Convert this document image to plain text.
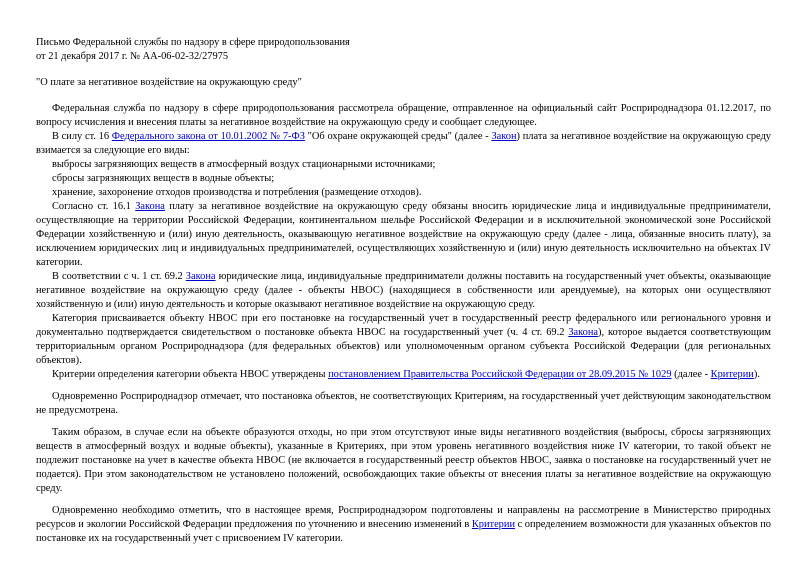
Письмо Федеральной службы по надзору в сфере природопользования

от 21 декабря 2017 г. № АА-06-02-32/27975

"О плате за негативное воздействие на окружающую среду"

Федеральная служба по надзору в сфере природопользования рассмотрела обращение, отправленное на официальный сайт Росприроднадзора 01.12.2017, по вопросу исчисления и внесения платы за негативное воздействие на окружающую среду и сообщает следующее.

В силу ст. 16 Федерального закона от 10.01.2002 № 7-ФЗ "Об охране окружающей среды" (далее - Закон) плата за негативное воздействие на окружающую среду взимается за следующие его виды:

выбросы загрязняющих веществ в атмосферный воздух стационарными источниками;

сбросы загрязняющих веществ в водные объекты;

хранение, захоронение отходов производства и потребления (размещение отходов).

Согласно ст. 16.1 Закона плату за негативное воздействие на окружающую среду обязаны вносить юридические лица и индивидуальные предприниматели, осуществляющие на территории Российской Федерации, континентальном шельфе Российской Федерации и в исключительной экономической зоне Российской Федерации хозяйственную и (или) иную деятельность, оказывающую негативное воздействие на окружающую среду (далее - лица, обязанные вносить плату), за исключением юридических лиц и индивидуальных предпринимателей, осуществляющих хозяйственную и (или) иную деятельность исключительно на объектах IV категории.

В соответствии с ч. 1 ст. 69.2 Закона юридические лица, индивидуальные предприниматели должны поставить на государственный учет объекты, оказывающие негативное воздействие на окружающую среду (далее - объекты НВОС) (находящиеся в собственности или арендуемые), на которых они осуществляют хозяйственную и (или) иную деятельность и которые оказывают негативное воздействие на окружающую среду.

Категория присваивается объекту НВОС при его постановке на государственный учет в государственный реестр федерального или регионального уровня и документально подтверждается свидетельством о постановке объекта НВОС на государственный учет (ч. 4 ст. 69.2 Закона), которое выдается соответствующим территориальным органом Росприроднадзора (для федеральных объектов) или уполномоченным органом субъекта Российской Федерации (для региональных объектов).

Критерии определения категории объекта НВОС утверждены постановлением Правительства Российской Федерации от 28.09.2015 № 1029 (далее - Критерии).

Одновременно Росприроднадзор отмечает, что постановка объектов, не соответствующих Критериям, на государственный учет действующим законодательством не предусмотрена.

Таким образом, в случае если на объекте образуются отходы, но при этом отсутствуют иные виды негативного воздействия (выбросы, сбросы загрязняющих веществ в атмосферный воздух и водные объекты), указанные в Критериях, при этом уровень негативного воздействия ниже IV категории, то такой объект не подлежит постановке на учет в качестве объекта НВОС (не включается в государственный реестр объектов НВОС, заявка о постановке на государственный учет не подается). При этом законодательством не установлено положений, освобождающих такие объекты от внесения платы за негативное воздействие на окружающую среду.

Одновременно необходимо отметить, что в настоящее время, Росприроднадзором подготовлены и направлены на рассмотрение в Министерство природных ресурсов и экологии Российской Федерации предложения по уточнению и внесению изменений в Критерии с определением возможности для указанных объектов по постановке их на государственный учет с присвоением IV категории.
